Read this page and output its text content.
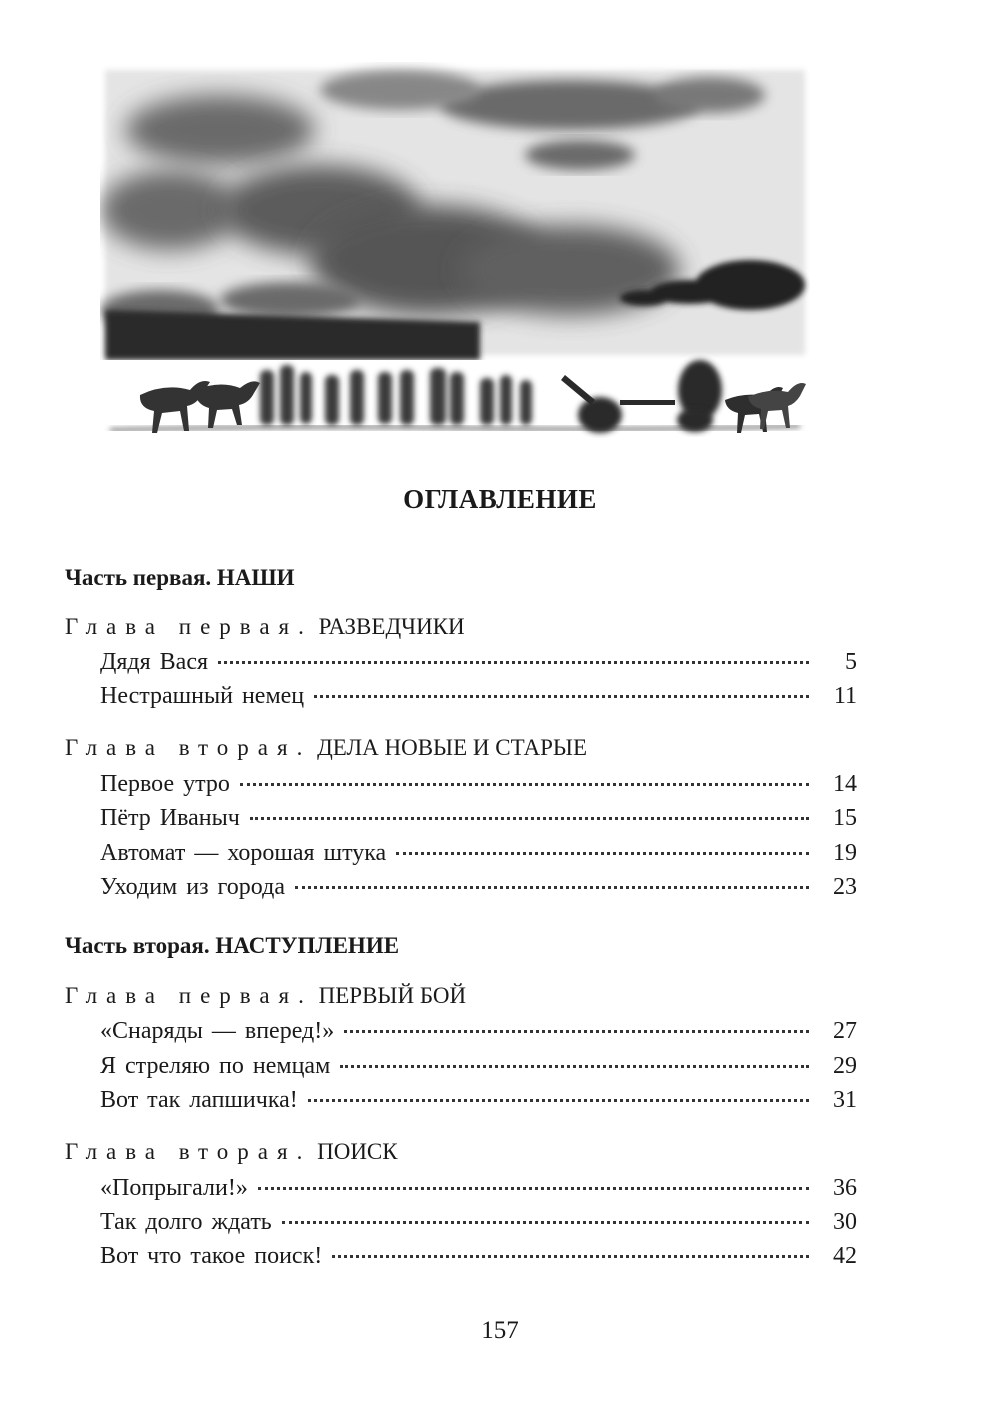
ОГЛАВЛЕНИЕ
Часть первая. НАШИ
Глава первая. РАЗВЕДЧИКИ
Дядя Вася	5
Нестрашный немец	11
Глава вторая. ДЕЛА НОВЫЕ И СТАРЫЕ
Первое утро	14
Пётр Иваныч	15
Автомат — хорошая штука	19
Уходим из города	23
Часть вторая. НАСТУПЛЕНИЕ
Глава первая. ПЕРВЫЙ БОЙ
«Снаряды — вперед!»	27
Я стреляю по немцам	29
Вот так лапшичка!	31
Глава вторая. ПОИСК
«Попрыгали!»	36
Так долго ждать	30
Вот что такое поиск!	42
157
